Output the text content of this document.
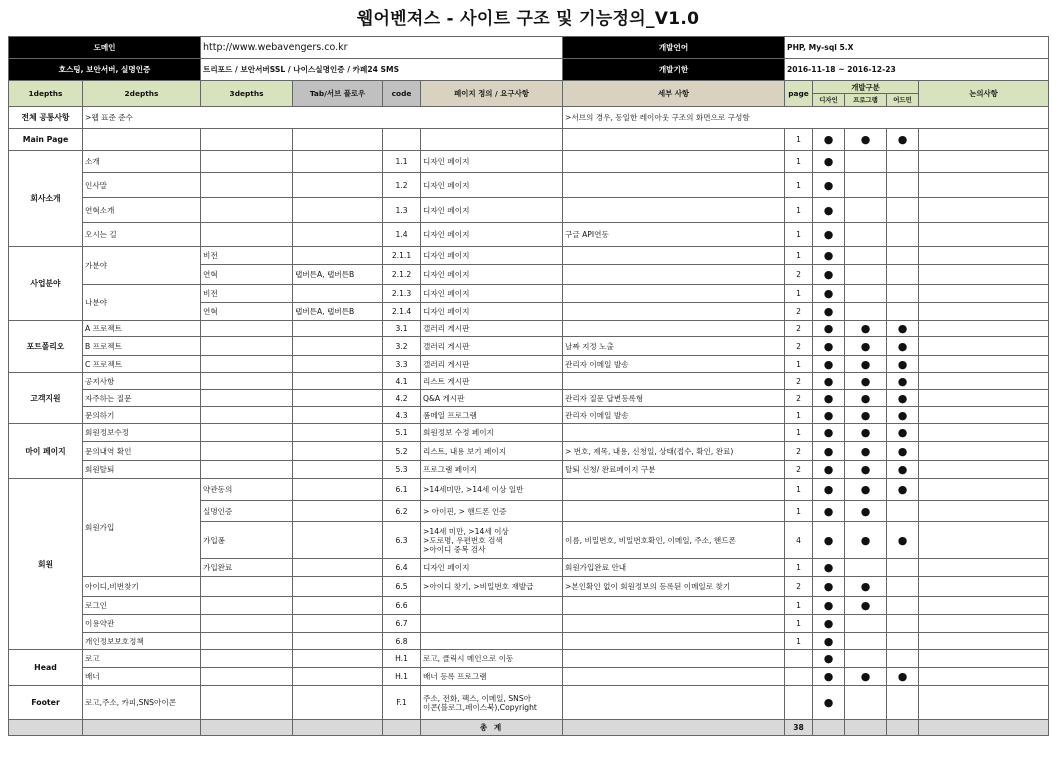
웹어벤져스 - 사이트 구조 및 기능정의_V1.0
도메인		http://www.webavengers.co.kr				개발언어	PHP, My-sql 5.X				
호스팅, 보안서버, 실명인증		트리포드 / 보안서버SSL / 나이스실명인증 / 카페24 SMS				개발기한	2016-11-18 ~ 2016-12-23				
1depths	2depths	3depths	Tab/서브 플로우	code	페이지 정의 / 요구사항	세부 사항	page	개발구분			논의사항
								디자인	프로그램	어드민	
전체 공통사항	>웹 표준 준수					>서브의 경우, 동일한 레이아웃 구조의 화면으로 구성함					
Main Page							1	●	●	●	
회사소개	소개			1.1	디자인 페이지		1	●			
	인사말			1.2	디자인 페이지		1	●			
	연혁소개			1.3	디자인 페이지		1	●			
	오시는 길			1.4	디자인 페이지	구글 API연동	1	●			
사업분야	가분야	비전		2.1.1	디자인 페이지		1	●			
		연혁	탭버튼A, 탭버튼B	2.1.2	디자인 페이지		2	●			
	나분야	비전		2.1.3	디자인 페이지		1	●			
		연혁	탭버튼A, 탭버튼B	2.1.4	디자인 페이지		2	●			
포트폴리오	A 프로젝트			3.1	갤러리 게시판		2	●	●	●	
	B 프로젝트			3.2	갤러리 게시판	날짜 지정 노출	2	●	●	●	
	C 프로젝트			3.3	갤러리 게시판	관리자 이메일 발송	1	●	●	●	
고객지원	공지사항			4.1	리스트 게시판		2	●	●	●	
	자주하는 질문			4.2	Q&A 게시판	관리자 질문 답변등록형	2	●	●	●	
	문의하기			4.3	폼메일 프로그램	관리자 이메일 발송	1	●	●	●	
마이 페이지	회원정보수정			5.1	회원정보 수정 페이지		1	●	●	●	
	문의내역 확인			5.2	리스트, 내용 보기 페이지	> 번호, 제목, 내용, 신청일, 상태(접수, 확인, 완료)	2	●	●	●	
	회원탈퇴			5.3	프로그램 페이지	탈퇴 신청/ 완료페이지 구분	2	●	●	●	
회원	회원가입	약관동의		6.1	>14세미만, >14세 이상 일반		1	●	●	●	
		실명인증		6.2	> 아이핀, > 핸드폰 인증		1	●	●		
		가입폼		6.3	>14세 미만, >14세 이상
>도로명, 우편번호 검색
>아이디 중복 검사	이름, 비밀번호, 비밀번호확인, 이메일, 주소, 핸드폰	4	●	●	●	
		가입완료		6.4	디자인 페이지	회원가입완료 안내	1	●			
	아이디,비번찾기			6.5	>아이디 찾기, >비밀번호 재발급	>본인확인 없이 회원정보의 등록된 이메일로 찾기	2	●	●		
	로그인			6.6			1	●	●		
	이용약관			6.7			1	●			
	개인정보보호정책			6.8			1	●			
Head	로고			H.1	로고, 클릭시 메인으로 이동			●			
	배너			H.1	배너 등록 프로그램			●	●	●	
Footer	로고,주소, 카피,SNS아이콘			F.1	주소, 전화, 팩스, 이메일, SNS아
이콘(블로그,페이스북),Copyright			●			
					총 계		38				
